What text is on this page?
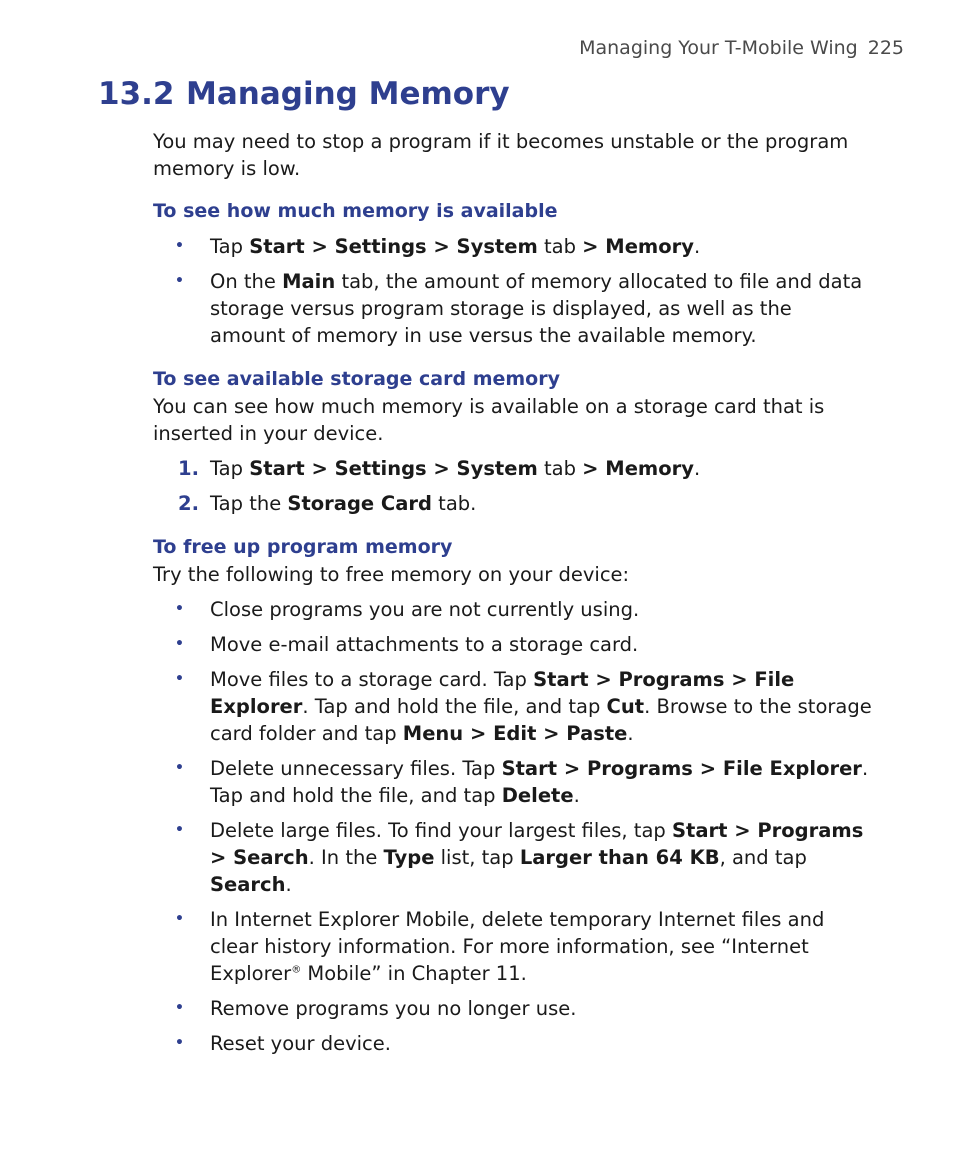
Managing Your T-Mobile Wing 225
13.2 Managing Memory

You may need to stop a program if it becomes unstable or the program memory is low.

To see how much memory is available

• Tap Start > Settings > System tab > Memory.
• On the Main tab, the amount of memory allocated to file and data storage versus program storage is displayed, as well as the amount of memory in use versus the available memory.

To see available storage card memory

You can see how much memory is available on a storage card that is inserted in your device.

1. Tap Start > Settings > System tab > Memory.
2. Tap the Storage Card tab.

To free up program memory

Try the following to free memory on your device:

• Close programs you are not currently using.
• Move e-mail attachments to a storage card.
• Move files to a storage card. Tap Start > Programs > File Explorer. Tap and hold the file, and tap Cut. Browse to the storage card folder and tap Menu > Edit > Paste.
• Delete unnecessary files. Tap Start > Programs > File Explorer. Tap and hold the file, and tap Delete.
• Delete large files. To find your largest files, tap Start > Programs > Search. In the Type list, tap Larger than 64 KB, and tap Search.
• In Internet Explorer Mobile, delete temporary Internet files and clear history information. For more information, see “Internet Explorer® Mobile” in Chapter 11.
• Remove programs you no longer use.
• Reset your device.
